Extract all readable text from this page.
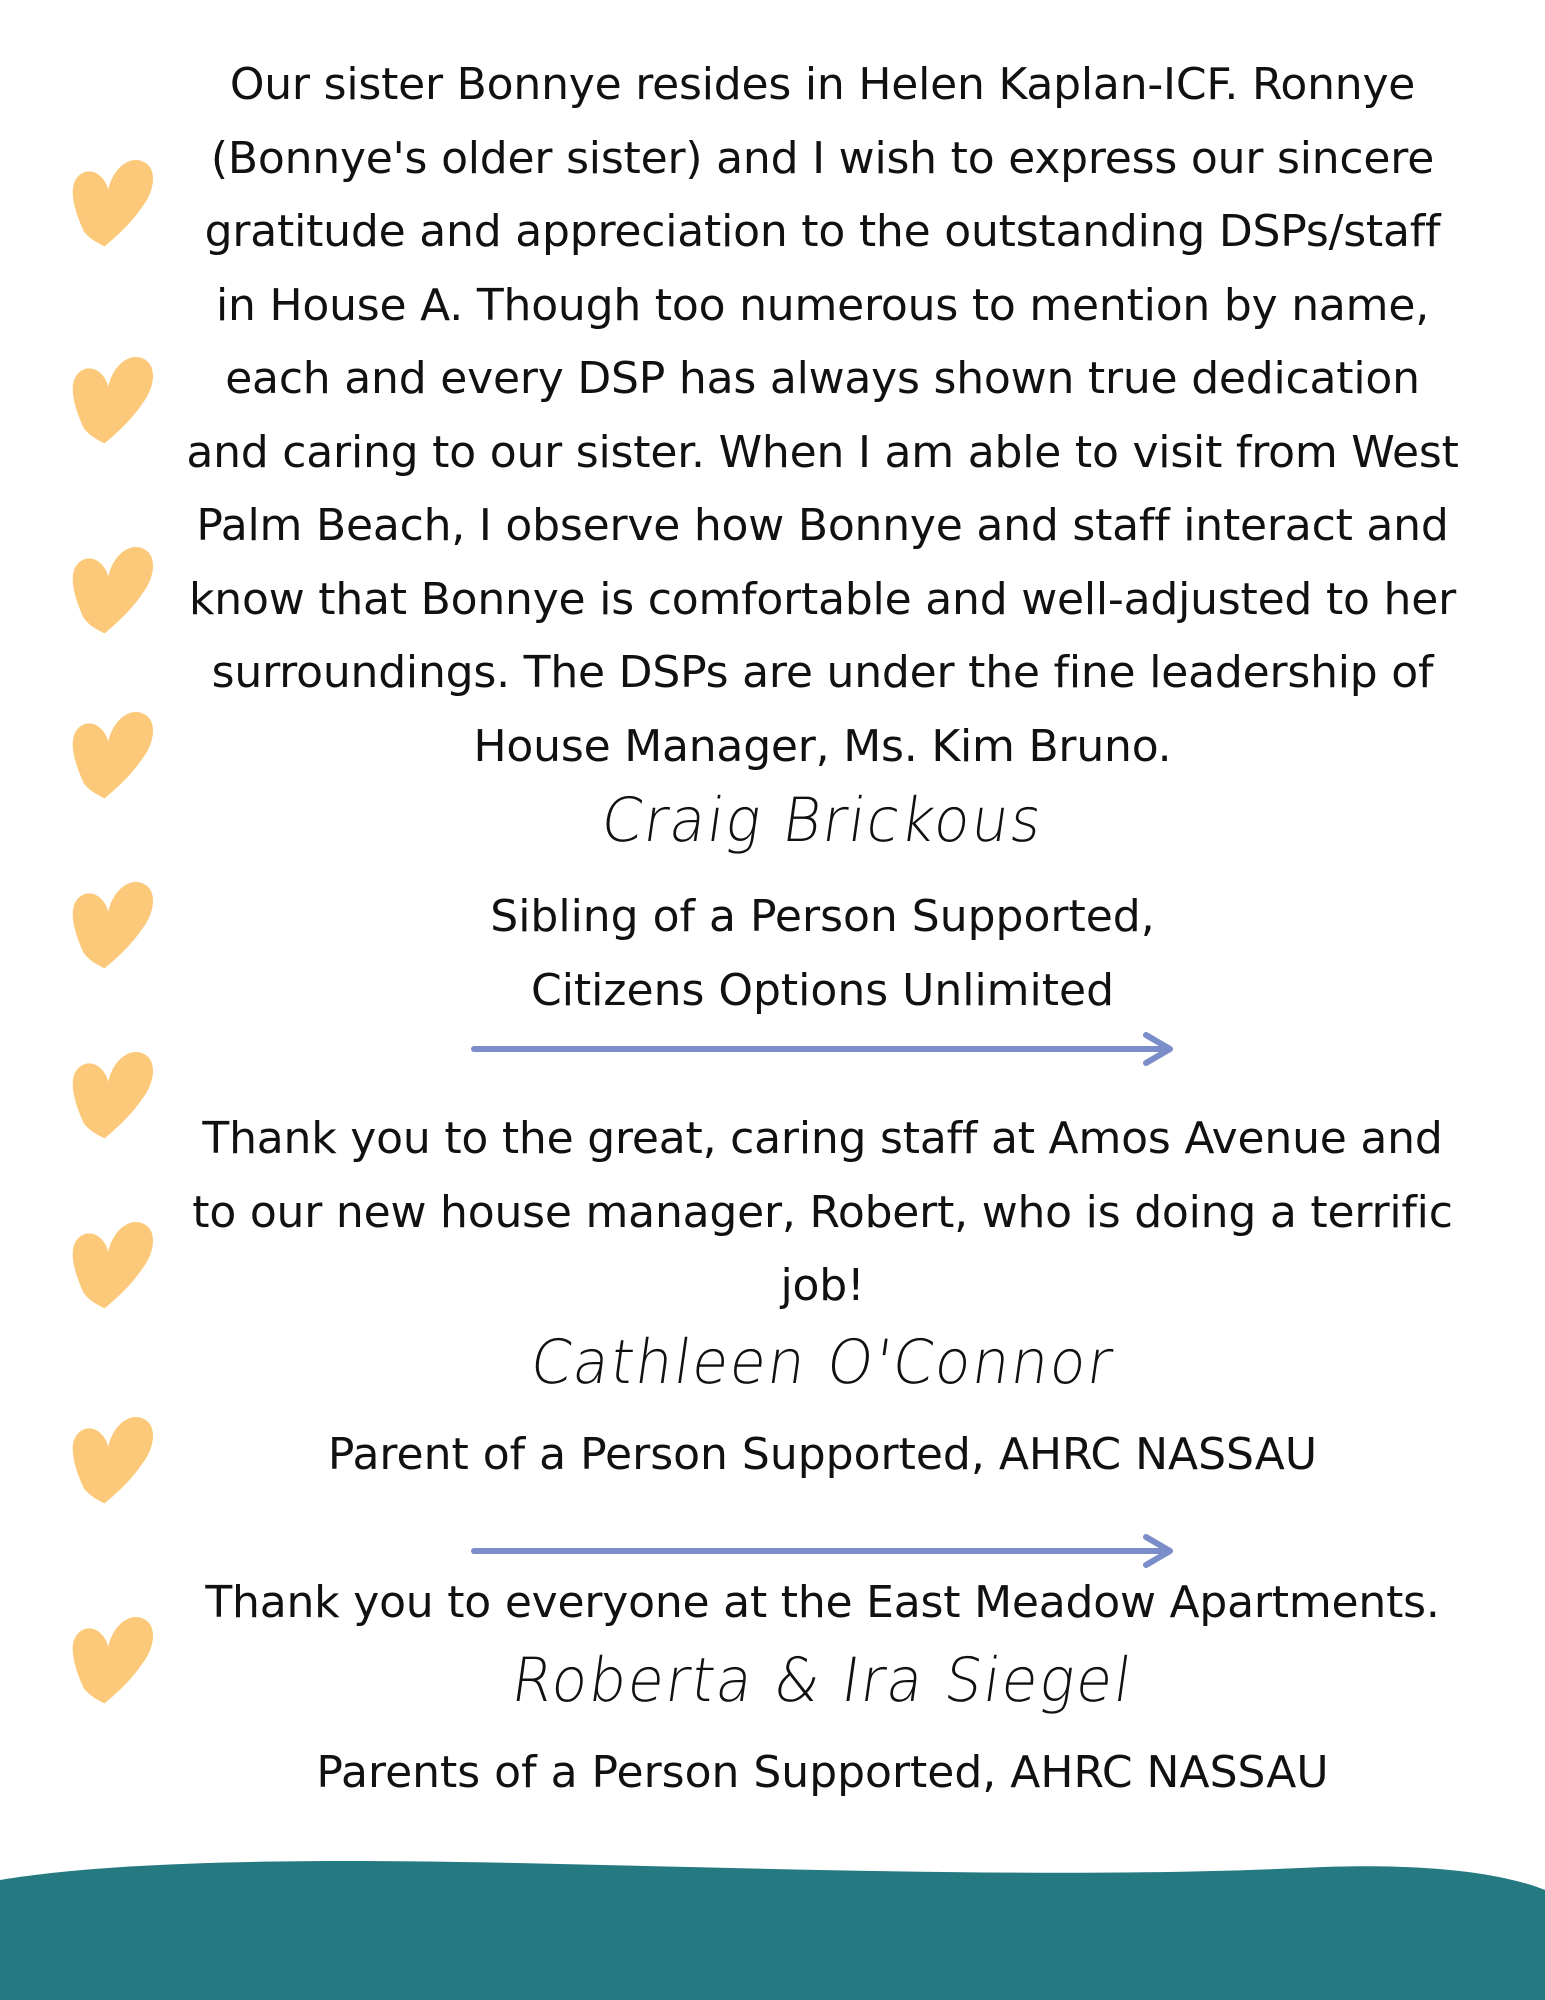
Our sister Bonnye resides in Helen Kaplan-ICF. Ronnye (Bonnye's older sister) and I wish to express our sincere gratitude and appreciation to the outstanding DSPs/staff in House A. Though too numerous to mention by name, each and every DSP has always shown true dedication and caring to our sister. When I am able to visit from West Palm Beach, I observe how Bonnye and staff interact and know that Bonnye is comfortable and well-adjusted to her surroundings. The DSPs are under the fine leadership of House Manager, Ms. Kim Bruno.

Craig Brickous

Sibling of a Person Supported,

Citizens Options Unlimited

Thank you to the great, caring staff at Amos Avenue and to our new house manager, Robert, who is doing a terrific job!

Cathleen O'Connor

Parent of a Person Supported, AHRC NASSAU

Thank you to everyone at the East Meadow Apartments.

Roberta & Ira Siegel

Parents of a Person Supported, AHRC NASSAU
